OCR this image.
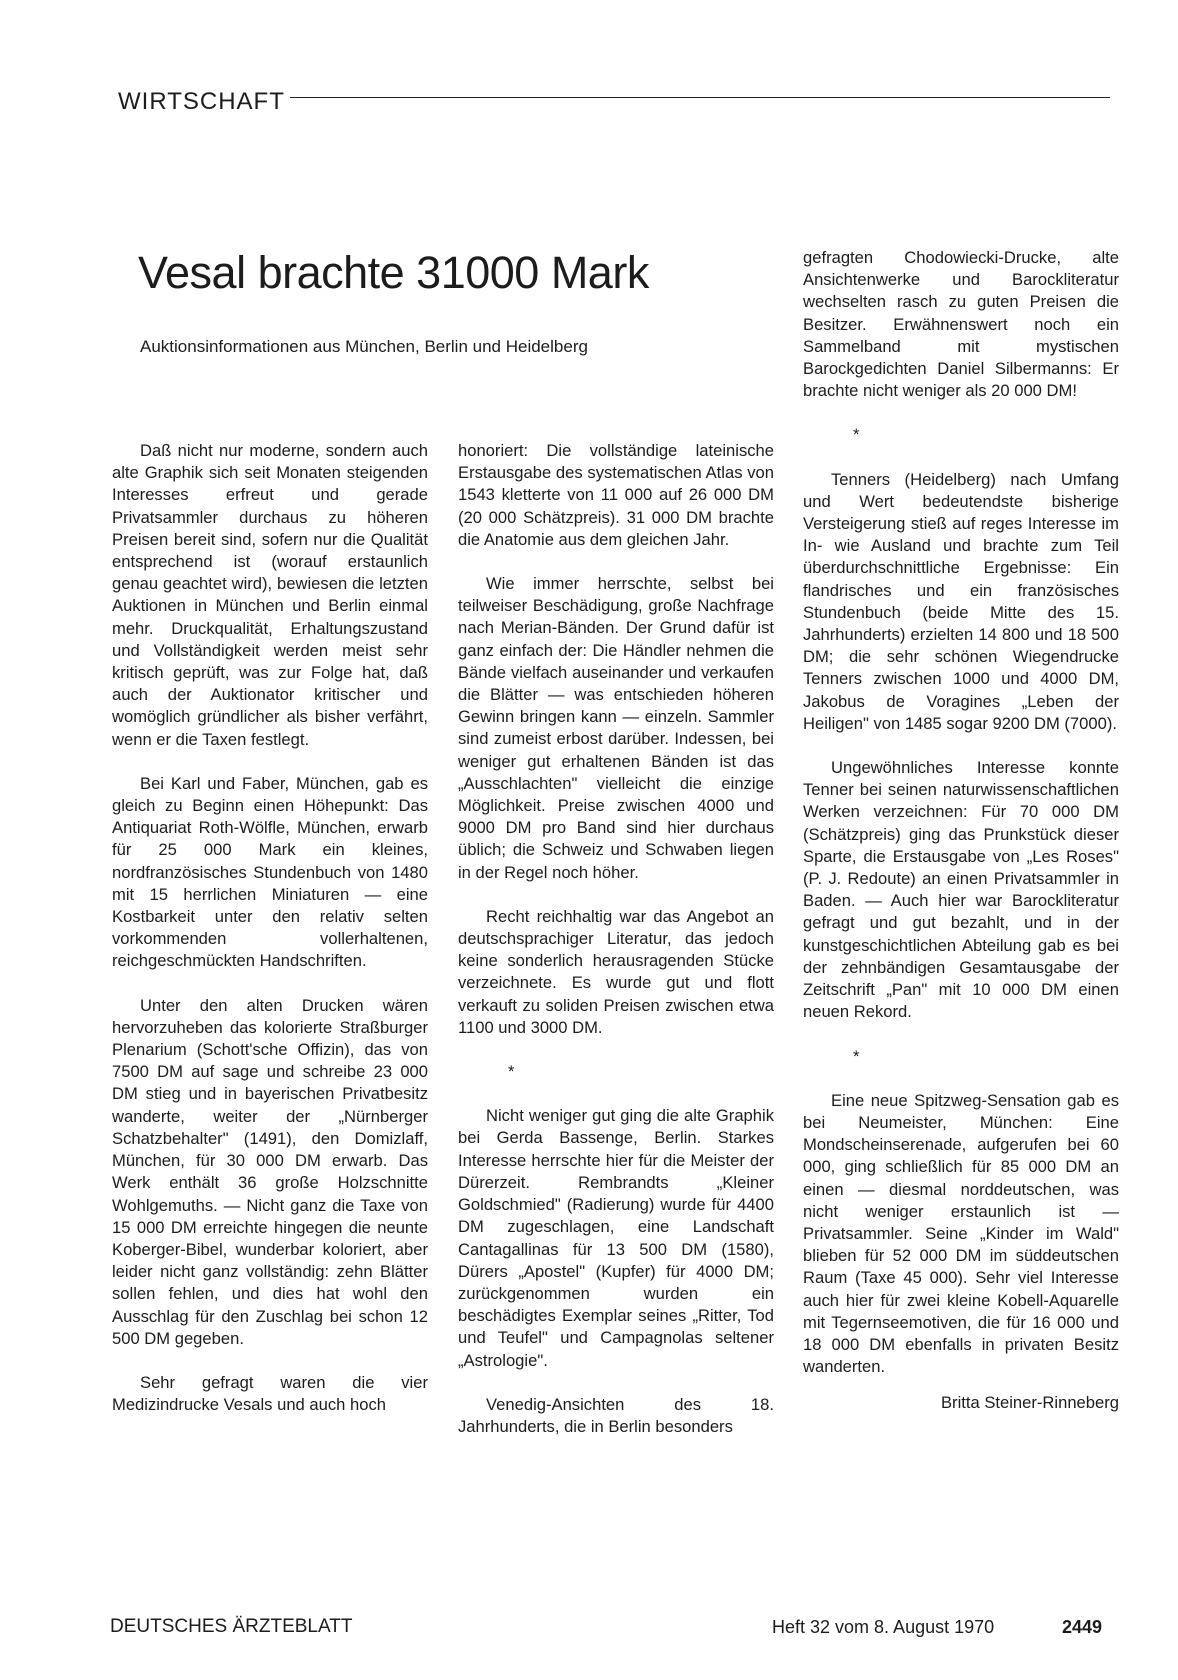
WIRTSCHAFT
Vesal brachte 31000 Mark
Auktionsinformationen aus München, Berlin und Heidelberg

Daß nicht nur moderne, sondern auch alte Graphik sich seit Monaten steigenden Interesses erfreut und gerade Privatsammler durchaus zu höheren Preisen bereit sind, sofern nur die Qualität entsprechend ist (worauf erstaunlich genau geachtet wird), bewiesen die letzten Auktionen in München und Berlin einmal mehr. Druckqualität, Erhaltungszustand und Vollständigkeit werden meist sehr kritisch geprüft, was zur Folge hat, daß auch der Auktionator kritischer und womöglich gründlicher als bisher verfährt, wenn er die Taxen festlegt.

Bei Karl und Faber, München, gab es gleich zu Beginn einen Höhepunkt: Das Antiquariat Roth-Wölfle, München, erwarb für 25 000 Mark ein kleines, nordfranzösisches Stundenbuch von 1480 mit 15 herrlichen Miniaturen — eine Kostbarkeit unter den relativ selten vorkommenden vollerhaltenen, reichgeschmückten Handschriften.

Unter den alten Drucken wären hervorzuheben das kolorierte Straßburger Plenarium (Schott'sche Offizin), das von 7500 DM auf sage und schreibe 23 000 DM stieg und in bayerischen Privatbesitz wanderte, weiter der „Nürnberger Schatzbehalter" (1491), den Domizlaff, München, für 30 000 DM erwarb. Das Werk enthält 36 große Holzschnitte Wohlgemuths. — Nicht ganz die Taxe von 15 000 DM erreichte hingegen die neunte Koberger-Bibel, wunderbar koloriert, aber leider nicht ganz vollständig: zehn Blätter sollen fehlen, und dies hat wohl den Ausschlag für den Zuschlag bei schon 12 500 DM gegeben.

Sehr gefragt waren die vier Medizindrucke Vesals und auch hoch

honoriert: Die vollständige lateinische Erstausgabe des systematischen Atlas von 1543 kletterte von 11 000 auf 26 000 DM (20 000 Schätzpreis). 31 000 DM brachte die Anatomie aus dem gleichen Jahr.

Wie immer herrschte, selbst bei teilweiser Beschädigung, große Nachfrage nach Merian-Bänden. Der Grund dafür ist ganz einfach der: Die Händler nehmen die Bände vielfach auseinander und verkaufen die Blätter — was entschieden höheren Gewinn bringen kann — einzeln. Sammler sind zumeist erbost darüber. Indessen, bei weniger gut erhaltenen Bänden ist das „Ausschlachten" vielleicht die einzige Möglichkeit. Preise zwischen 4000 und 9000 DM pro Band sind hier durchaus üblich; die Schweiz und Schwaben liegen in der Regel noch höher.

Recht reichhaltig war das Angebot an deutschsprachiger Literatur, das jedoch keine sonderlich herausragenden Stücke verzeichnete. Es wurde gut und flott verkauft zu soliden Preisen zwischen etwa 1100 und 3000 DM.

*

Nicht weniger gut ging die alte Graphik bei Gerda Bassenge, Berlin. Starkes Interesse herrschte hier für die Meister der Dürerzeit. Rembrandts „Kleiner Goldschmied" (Radierung) wurde für 4400 DM zugeschlagen, eine Landschaft Cantagallinas für 13 500 DM (1580), Dürers „Apostel" (Kupfer) für 4000 DM; zurückgenommen wurden ein beschädigtes Exemplar seines „Ritter, Tod und Teufel" und Campagnolas seltener „Astrologie".

Venedig-Ansichten des 18. Jahrhunderts, die in Berlin besonders

gefragten Chodowiecki-Drucke, alte Ansichtenwerke und Barockliteratur wechselten rasch zu guten Preisen die Besitzer. Erwähnenswert noch ein Sammelband mit mystischen Barockgedichten Daniel Silbermanns: Er brachte nicht weniger als 20 000 DM!

*

Tenners (Heidelberg) nach Umfang und Wert bedeutendste bisherige Versteigerung stieß auf reges Interesse im In- wie Ausland und brachte zum Teil überdurchschnittliche Ergebnisse: Ein flandrisches und ein französisches Stundenbuch (beide Mitte des 15. Jahrhunderts) erzielten 14 800 und 18 500 DM; die sehr schönen Wiegendrucke Tenners zwischen 1000 und 4000 DM, Jakobus de Voragines „Leben der Heiligen" von 1485 sogar 9200 DM (7000).

Ungewöhnliches Interesse konnte Tenner bei seinen naturwissenschaftlichen Werken verzeichnen: Für 70 000 DM (Schätzpreis) ging das Prunkstück dieser Sparte, die Erstausgabe von „Les Roses" (P. J. Redoute) an einen Privatsammler in Baden. — Auch hier war Barockliteratur gefragt und gut bezahlt, und in der kunstgeschichtlichen Abteilung gab es bei der zehnbändigen Gesamtausgabe der Zeitschrift „Pan" mit 10 000 DM einen neuen Rekord.

*

Eine neue Spitzweg-Sensation gab es bei Neumeister, München: Eine Mondscheinserenade, aufgerufen bei 60 000, ging schließlich für 85 000 DM an einen — diesmal norddeutschen, was nicht weniger erstaunlich ist — Privatsammler. Seine „Kinder im Wald" blieben für 52 000 DM im süddeutschen Raum (Taxe 45 000). Sehr viel Interesse auch hier für zwei kleine Kobell-Aquarelle mit Tegernseemotiven, die für 16 000 und 18 000 DM ebenfalls in privaten Besitz wanderten.

Britta Steiner-Rinneberg
DEUTSCHES ÄRZTEBLATT	Heft 32 vom 8. August 1970	2449
